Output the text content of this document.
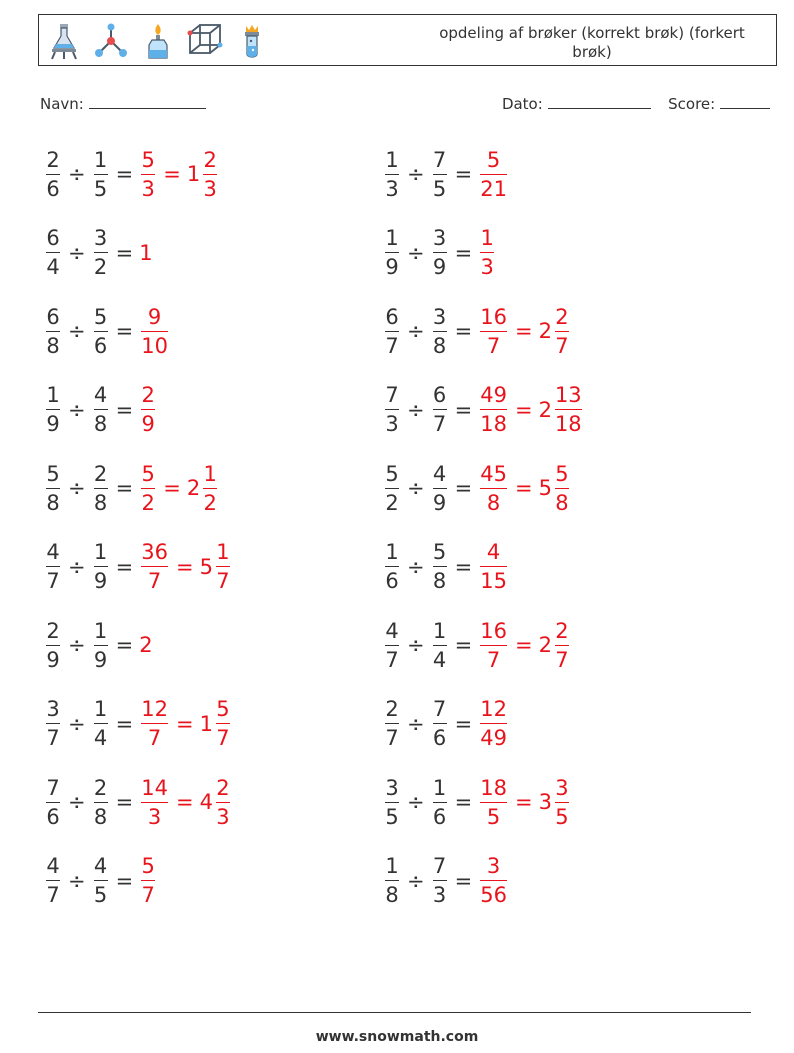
opdeling af brøker (korrekt brøk) (forkert brøk)
Navn:	Dato:	Score:
$\frac{2}{6} \div \frac{1}{5} = \frac{5}{3} = 1 \frac{2}{3}$	$\frac{1}{3} \div \frac{7}{5} = \frac{5}{21}$
$\frac{6}{4} \div \frac{3}{2} = 1$	$\frac{1}{9} \div \frac{3}{9} = \frac{1}{3}$
$\frac{6}{8} \div \frac{5}{6} = \frac{9}{10}$	$\frac{6}{7} \div \frac{3}{8} = \frac{16}{7} = 2 \frac{2}{7}$
$\frac{1}{9} \div \frac{4}{8} = \frac{2}{9}$	$\frac{7}{3} \div \frac{6}{7} = \frac{49}{18} = 2 \frac{13}{18}$
$\frac{5}{8} \div \frac{2}{8} = \frac{5}{2} = 2 \frac{1}{2}$	$\frac{5}{2} \div \frac{4}{9} = \frac{45}{8} = 5 \frac{5}{8}$
$\frac{4}{7} \div \frac{1}{9} = \frac{36}{7} = 5 \frac{1}{7}$	$\frac{1}{6} \div \frac{5}{8} = \frac{4}{15}$
$\frac{2}{9} \div \frac{1}{9} = 2$	$\frac{4}{7} \div \frac{1}{4} = \frac{16}{7} = 2 \frac{2}{7}$
$\frac{3}{7} \div \frac{1}{4} = \frac{12}{7} = 1 \frac{5}{7}$	$\frac{2}{7} \div \frac{7}{6} = \frac{12}{49}$
$\frac{7}{6} \div \frac{2}{8} = \frac{14}{3} = 4 \frac{2}{3}$	$\frac{3}{5} \div \frac{1}{6} = \frac{18}{5} = 3 \frac{3}{5}$
$\frac{4}{7} \div \frac{4}{5} = \frac{5}{7}$	$\frac{1}{8} \div \frac{7}{3} = \frac{3}{56}$
www.snowmath.com
